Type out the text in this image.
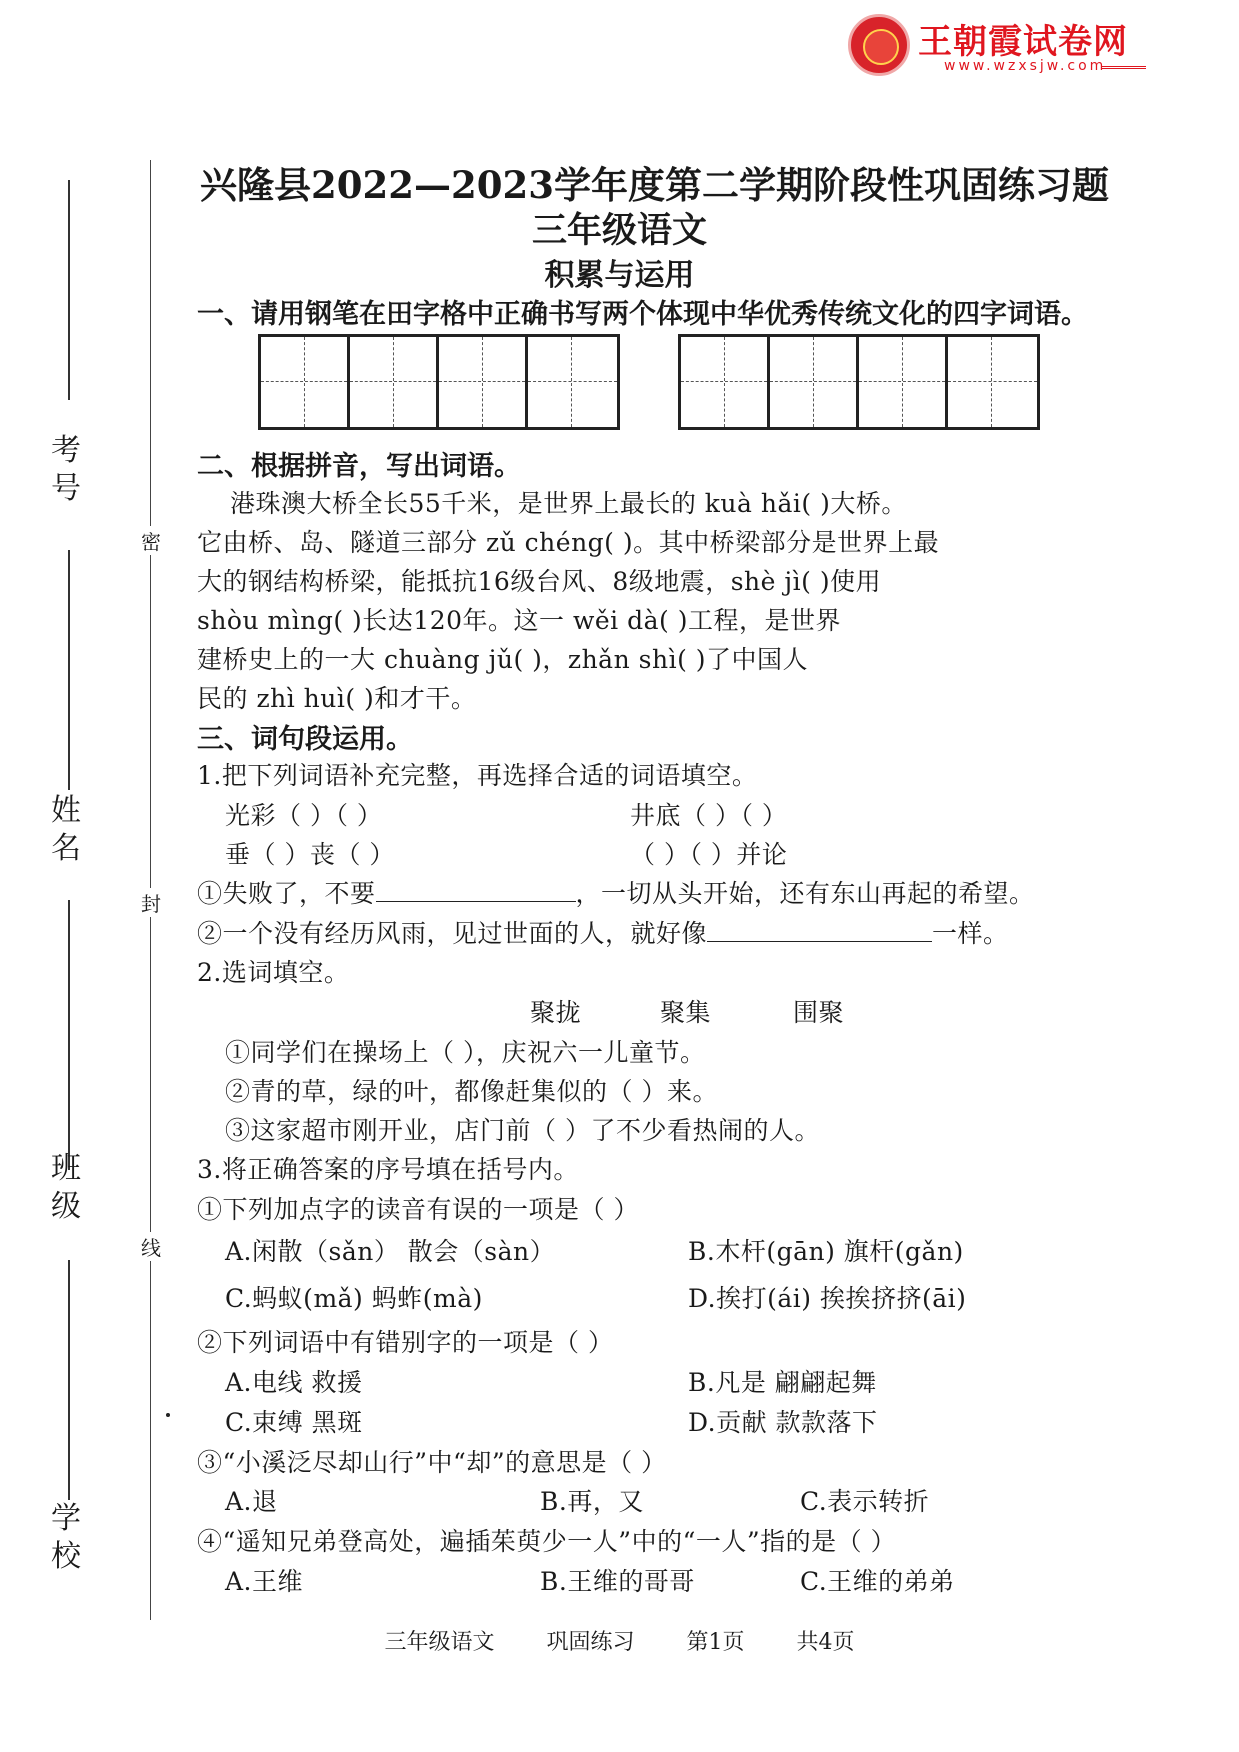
王朝霞试卷网
www.wzxsjw.com
密
封
线
考号
姓名
班级
学校
兴隆县2022—2023学年度第二学期阶段性巩固练习题
三年级语文
积累与运用
一、请用钢笔在田字格中正确书写两个体现中华优秀传统文化的四字词语。
二、根据拼音，写出词语。
港珠澳大桥全长55千米，是世界上最长的 kuà hǎi( )大桥。
它由桥、岛、隧道三部分 zǔ chéng( )。其中桥梁部分是世界上最
大的钢结构桥梁，能抵抗16级台风、8级地震，shè jì( )使用
shòu mìng( )长达120年。这一 wěi dà( )工程，是世界
建桥史上的一大 chuàng jǔ( )，zhǎn shì( )了中国人
民的 zhì huì( )和才干。
三、词句段运用。
1.把下列词语补充完整，再选择合适的词语填空。
光彩（ ）（ ）	井底（ ）（ ）
垂（ ）丧（ ）	（ ）（ ）并论
①失败了，不要	，一切从头开始，还有东山再起的希望。
②一个没有经历风雨，见过世面的人，就好像	一样。
2.选词填空。
聚拢	聚集	围聚
①同学们在操场上（ ），庆祝六一儿童节。
②青的草，绿的叶，都像赶集似的（ ）来。
③这家超市刚开业，店门前（ ）了不少看热闹的人。
3.将正确答案的序号填在括号内。
①下列加点字的读音有误的一项是（ ）
A.闲散（sǎn） 散会（sàn）	B.木杆(gān) 旗杆(gǎn)
C.蚂蚁(mǎ) 蚂蚱(mà)	D.挨打(ái) 挨挨挤挤(āi)
②下列词语中有错别字的一项是（ ）
A.电线 救援	B.凡是 翩翩起舞
C.束缚 黑斑	D.贡献 款款落下
③“小溪泛尽却山行”中“却”的意思是（ ）
A.退	B.再，又	C.表示转折
④“遥知兄弟登高处，遍插茱萸少一人”中的“一人”指的是（ ）
A.王维	B.王维的哥哥	C.王维的弟弟
三年级语文 巩固练习 第1页 共4页
